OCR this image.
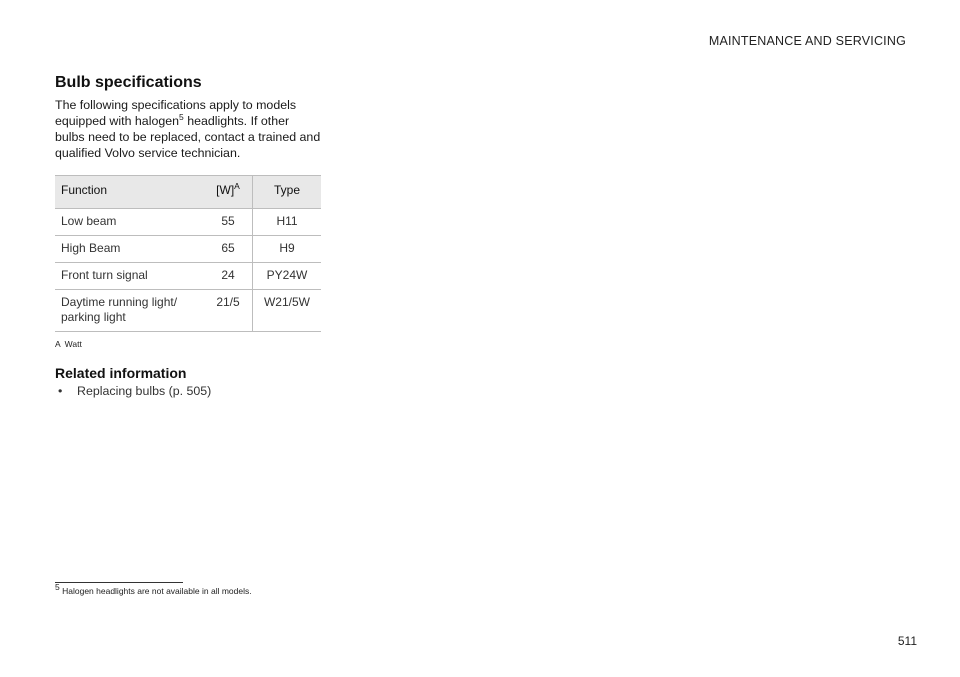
MAINTENANCE AND SERVICING
Bulb specifications

The following specifications apply to models equipped with halogen$^5$ headlights. If other bulbs need to be replaced, contact a trained and qualified Volvo service technician.

Function	$[W]^A$	Type
Low beam	55	H11
High Beam	65	H9
Front turn signal	24	PY24W
Daytime running light/ parking light	21/5	W21/5W
A Watt
Related information
• Replacing bulbs (p. 505)
5 Halogen headlights are not available in all models.
511
